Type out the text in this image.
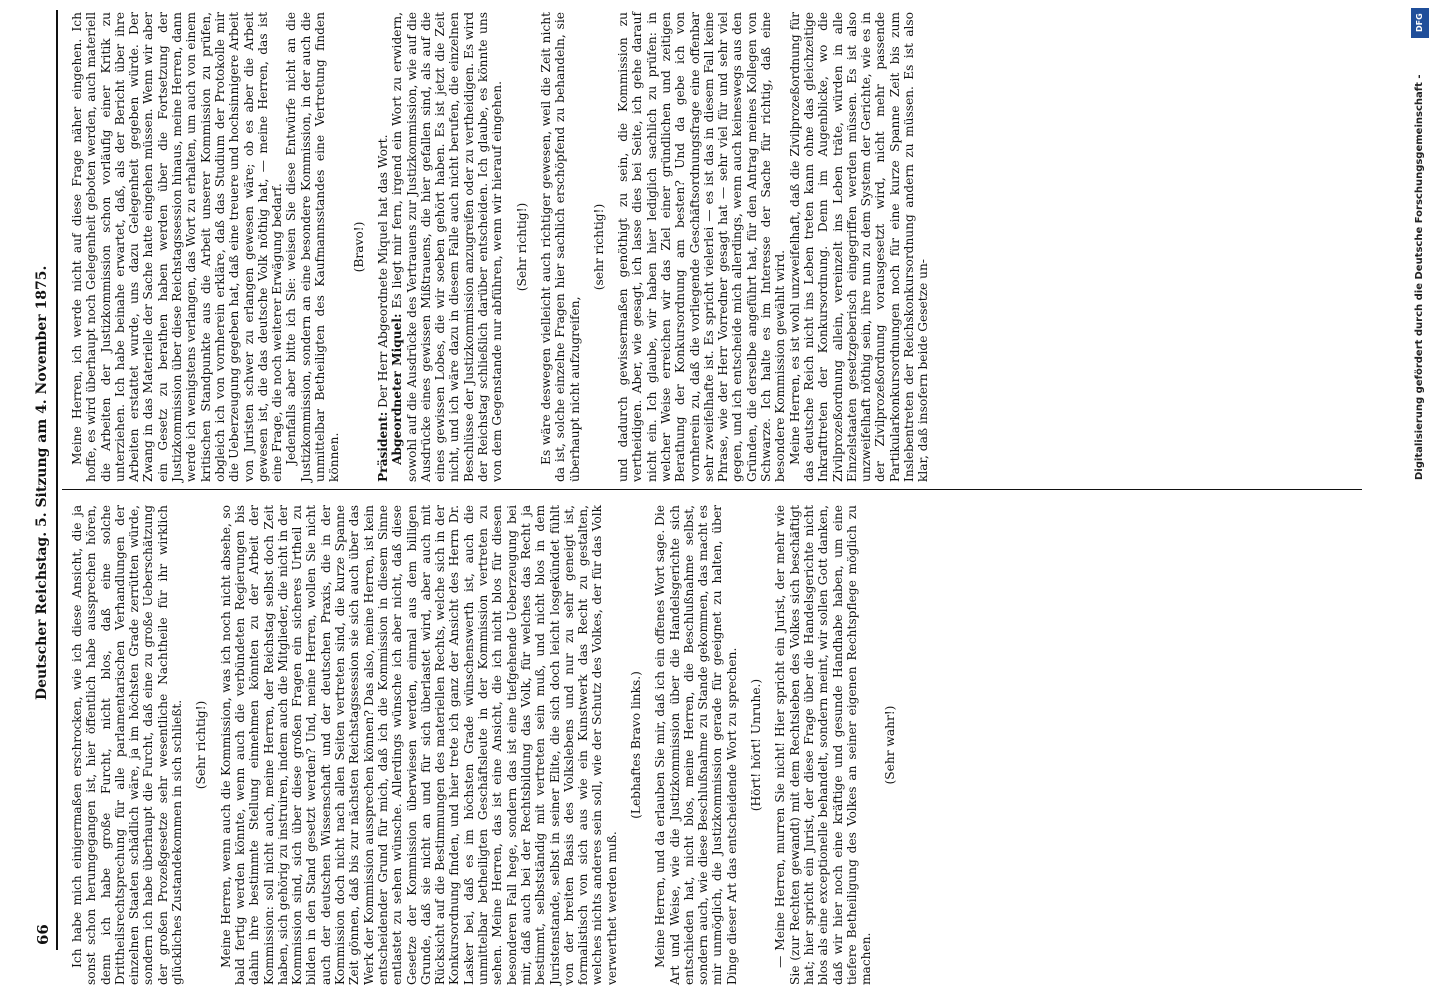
66
Deutscher Reichstag. 5. Sitzung am 4. November 1875.

Ich habe mich einigermaßen erschrocken, wie ich diese Ansicht, die ja sonst schon herumgegangen ist, hier öffentlich habe aussprechen hören, denn ich habe große Furcht, nicht blos, daß eine solche Drittheilsrechtsprechung für alle parlamentarischen Verhandlungen der einzelnen Staaten schädlich wäre, ja im höchsten Grade zerrütten würde, sondern ich habe überhaupt die Furcht, daß eine zu große Ueberschätzung der großen Prozeßgesetze sehr wesentliche Nachtheile für ihr wirklich glückliches Zustandekommen in sich schließt. (Sehr richtig!) Meine Herren, wenn auch die Kommission, was ich noch nicht absehe, so bald fertig werden könnte, wenn auch die verbündeten Regierungen bis dahin ihre bestimmte Stellung einnehmen könnten zu der Arbeit der Kommission: soll nicht auch, meine Herren, der Reichstag selbst doch Zeit haben, sich gehörig zu instruiren, indem auch die Mitglieder, die nicht in der Kommission sind, sich über diese großen Fragen ein sicheres Urtheil zu bilden in den Stand gesetzt werden? Und, meine Herren, wollen Sie nicht auch der deutschen Wissenschaft und der deutschen Praxis, die in der Kommission doch nicht nach allen Seiten vertreten sind, die kurze Spanne Zeit gönnen, daß bis zur nächsten Reichstagssession sie sich auch über das Werk der Kommission aussprechen können? Das also, meine Herren, ist kein entscheidender Grund für mich, daß ich die Kommission in diesem Sinne entlastet zu sehen wünsche. Allerdings wünsche ich aber nicht, daß diese Gesetze der Kommission überwiesen werden, einmal aus dem billigen Grunde, daß sie nicht an und für sich überlastet wird, aber auch mit Rücksicht auf die Bestimmungen des materiellen Rechts, welche sich in der Konkursordnung finden, und hier trete ich ganz der Ansicht des Herrn Dr. Lasker bei, daß es im höchsten Grade wünschenswerth ist, auch die unmittelbar betheiligten Geschäftsleute in der Kommission vertreten zu sehen. Meine Herren, das ist eine Ansicht, die ich nicht blos für diesen besonderen Fall hege, sondern das ist eine tiefgehende Ueberzeugung bei mir, daß auch bei der Rechtsbildung das Volk, für welches das Recht ja bestimmt, selbstständig mit vertreten sein muß, und nicht blos in dem Juristenstande, selbst in seiner Elite, die sich doch leicht losgekündet fühlt von der breiten Basis des Volkslebens und nur zu sehr geneigt ist, formalistisch von sich aus wie ein Kunstwerk das Recht zu gestalten, welches nichts anderes sein soll, wie der Schutz des Volkes, der für das Volk verwerthet werden muß.

(Lebhaftes Bravo links.) Meine Herren, und da erlauben Sie mir, daß ich ein offenes Wort sage. Die Art und Weise, wie die Justizkommission über die Handelsgerichte sich entschieden hat, nicht blos, meine Herren, die Beschlußnahme selbst, sondern auch, wie diese Beschlußnahme zu Stande gekommen, das macht es mir unmöglich, die Justizkommission gerade für geeignet zu halten, über Dinge dieser Art das entscheidende Wort zu sprechen. (Hört! hört! Unruhe.) — Meine Herren, murren Sie nicht! Hier spricht ein Jurist, der mehr wie Sie (zur Rechten gewandt) mit dem Rechtsleben des Volkes sich beschäftigt hat; hier spricht ein Jurist, der diese Frage über die Handelsgerichte nicht blos als eine exceptionelle behandelt, sondern meint, wir sollen Gott danken, daß wir hier noch eine kräftige und gesunde Handhabe haben, um eine tiefere Betheiligung des Volkes an seiner eigenen Rechtspflege möglich zu machen.

(Sehr wahr!)

Meine Herren, ich werde nicht auf diese Frage näher eingehen. Ich hoffe, es wird überhaupt noch Gelegenheit geboten werden, auch materiell die Arbeiten der Justizkommission schon vorläufig einer Kritik zu unterziehen. Ich habe beinahe erwartet, daß, als der Bericht über ihre Arbeiten erstattet wurde, uns dazu Gelegenheit gegeben würde. Der Zwang in das Materielle der Sache hatte eingehen müssen. Wenn wir aber ein Gesetz zu berathen haben werden über die Fortsetzung der Justizkommission über diese Reichstagssession hinaus, meine Herren, dann werde ich wenigstens verlangen, das Wort zu erhalten, um auch von einem kritischen Standpunkte aus die Arbeit unserer Kommission zu prüfen, obgleich ich von vornherein erkläre, daß das Studium der Protokolle mir die Ueberzeugung gegeben hat, daß eine treuere und hochsinnigere Arbeit von Juristen schwer zu erlangen gewesen wäre; ob es aber die Arbeit gewesen ist, die das deutsche Volk nöthig hat, — meine Herren, das ist eine Frage, die noch weiterer Erwägung bedarf. Jedenfalls aber bitte ich Sie: weisen Sie diese Entwürfe nicht an die Justizkommission, sondern an eine besondere Kommission, in der auch die unmittelbar Betheiligten des Kaufmannsstandes eine Vertretung finden können.

(Bravo!)

Präsident: Der Herr Abgeordnete Miquel hat das Wort. Abgeordneter Miquel: Es liegt mir fern, irgend ein Wort zu erwidern, sowohl auf die Ausdrücke des Vertrauens zur Justizkommission, wie auf die Ausdrücke eines gewissen Mißtrauens, die hier gefallen sind, als auf die eines gewissen Lobes, die wir soeben gehört haben. Es ist jetzt die Zeit nicht, und ich wäre dazu in diesem Falle auch nicht berufen, die einzelnen Beschlüsse der Justizkommission anzugreifen oder zu vertheidigen. Es wird der Reichstag schließlich darüber entscheiden. Ich glaube, es könnte uns von dem Gegenstande nur abführen, wenn wir hierauf eingehen. (Sehr richtig!) Es wäre deswegen vielleicht auch richtiger gewesen, weil die Zeit nicht da ist, solche einzelne Fragen hier sachlich erschöpfend zu behandeln, sie überhaupt nicht aufzugreifen,

(sehr richtig!) und dadurch gewissermaßen genöthigt zu sein, die Kommission zu vertheidigen. Aber, wie gesagt, ich lasse dies bei Seite, ich gehe darauf nicht ein. Ich glaube, wir haben hier lediglich sachlich zu prüfen: in welcher Weise erreichen wir das Ziel einer gründlichen und zeitigen Berathung der Konkursordnung am besten? Und da gebe ich von vornherein zu, daß die vorliegende Geschäftsordnungsfrage eine offenbar sehr zweifelhafte ist. Es spricht vielerlei — es ist das in diesem Fall keine Phrase, wie der Herr Vorredner gesagt hat — sehr viel für und sehr viel gegen, und ich entscheide mich allerdings, wenn auch keineswegs aus den Gründen, die derselbe angeführt hat, für den Antrag meines Kollegen von Schwarze. Ich halte es im Interesse der Sache für richtig, daß eine besondere Kommission gewählt wird. Meine Herren, es ist wohl unzweifelhaft, daß die Zivilprozeßordnung für das deutsche Reich nicht ins Leben treten kann ohne das gleichzeitige Inkrafttreten der Konkursordnung. Denn im Augenblicke, wo die Zivilprozeßordnung allein, vereinzelt ins Leben träte, würden in alle Einzelstaaten gesetzgeberisch eingegriffen werden müssen. Es ist also unzweifelhaft nöthig sein, ihre nun zu dem System der Gerichte, wie es in der Zivilprozeßordnung vorausgesetzt wird, nicht mehr passende Partikularkonkursordnungen noch für eine kurze Spanne Zeit bis zum Inslebentreten der Reichskonkursordnung andern zu müssen. Es ist also klar, daß insofern beide Gesetze un-	Digitalisierung gefördert durch die Deutsche Forschungsgemeinschaft -
DFG
